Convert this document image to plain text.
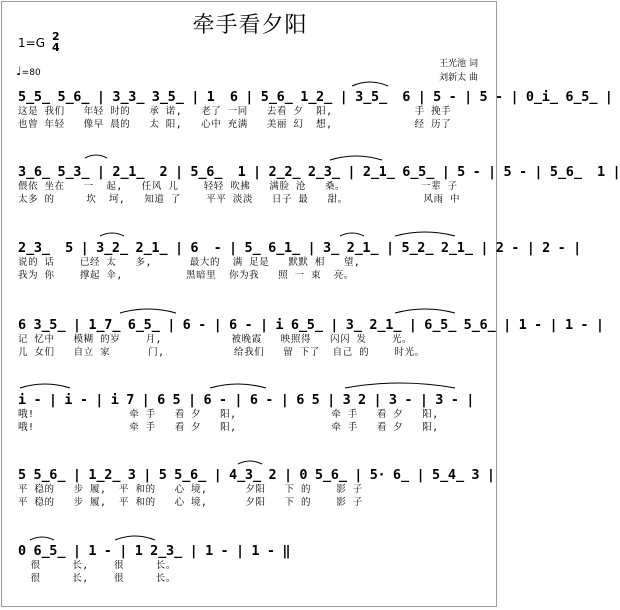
牵手看夕阳
1=G 2
4
♩=80
王光池 词
刘新太 曲
5̲5̲ 5̲6̲ | 3̲3̲ 3̲5̲ | 1  6 | 5̲6̲ 1̲2̲ | 3̲5̲  6 | 5 - | 5 - | 0̲i̲ 6̲5̲ |
这是 我们   年轻 时的   承 诺,   老了 一同   去看 夕  阳,             手 挽手
也曾 年轻   像早 晨的   太 阳,   心中 充满   美丽 幻  想,             经 历了
3̲6̲ 5̲3̲ | 2̲1̲  2 | 5̲6̲  1 | 2̲2̲ 2̲3̲ | 2̲1̲ 6̲5̲ | 5 - | 5 - | 5̲6̲  1 |
偎依 坐在   一  起,   任风 儿    轻轻 吹拂   满脸 沧   桑。            一辈 子
太多 的     坎  坷,   知道 了    平平 淡淡   日子 最   甜。            风雨 中
2̲3̲  5 | 3̲2̲ 2̲1̲ | 6  - | 5̲ 6̲1̲ | 3̲ 2̲1̲ | 5̲2̲ 2̲1̲ | 2 - | 2 - |
说的 话    已经 太   多,      最大的  满 足是   默默 相   望,
我为 你    撑起 伞,          黑暗里  你为我   照 一 束  亮。
6 3̲5̲ | 1̲7̲ 6̲5̲ | 6 - | 6 - | i 6̲5̲ | 3̲ 2̲1̲ | 6̲5̲ 5̲6̲ | 1 - | 1 - |
记 忆中   模糊 的岁    月,           被晚霞   映照得   闪闪 发    光。
儿 女们   自立 家      门,           给我们   留 下了  自己 的    时光。
i - | i - | i 7 | 6 5 | 6 - | 6 - | 6 5 | 3 2 | 3 - | 3 - |
哦!               牵 手   看 夕   阳,               牵 手   看 夕   阳,
哦!               牵 手   看 夕   阳,               牵 手   看 夕   阳,
5 5̲6̲ | 1̲2̲ 3 | 5 5̲6̲ | 4̲3̲ 2 | 0 5̲6̲ | 5· 6̲ | 5̲4̲ 3 |
平 稳的   步 履,  平 和的   心 境,      夕阳   下 的    影 子
平 稳的   步 履,  平 和的   心 境,      夕阳   下 的    影 子
0 6̲5̲ | 1 - | 1 2̲3̲ | 1 - | 1 - ‖
很     长,    很     长。
很     长,    很     长。
